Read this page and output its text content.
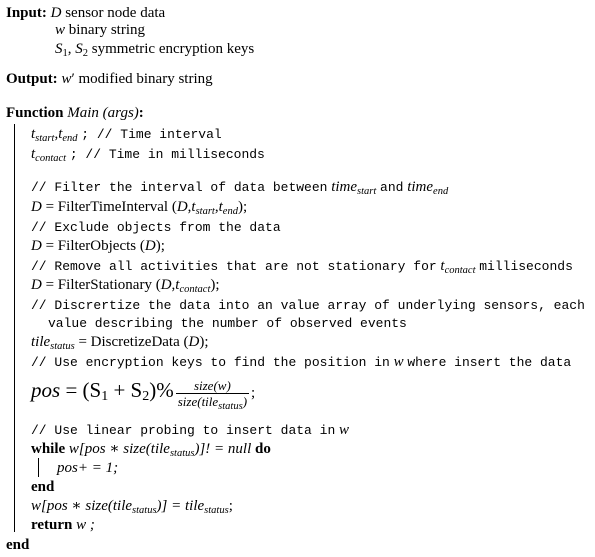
Input: D sensor node data
w binary string
$S_1$, $S_2$ symmetric encryption keys
Output: w′ modified binary string
Function Main (args):
$t_{start},t_{end}$ ; // Time interval
$t_{contact}$ ; // Time in milliseconds
// Filter the interval of data between time$_{start}$ and time$_{end}$
D = FilterTimeInterval $(D,t_{start},t_{end})$;
// Exclude objects from the data
D = FilterObjects (D);
// Remove all activities that are not stationary for $t_{contact}$ milliseconds
D = FilterStationary $(D,t_{contact})$;
// Discrertize the data into an value array of underlying sensors, each
value describing the number of observed events
tile$_{status}$ = DiscretizeData (D);
// Use encryption keys to find the position in w where insert the data
pos = $(S_1 + S_2)\% \frac{\text{size(w)}}{size(tile_{status})}$ ;
// Use linear probing to insert data in w
while w[pos ∗ size(tile$_{status}$)]! = null do
pos+ = 1;
end
w[pos ∗ size(tile$_{status}$)] = tile$_{status}$;
return w ;
end
